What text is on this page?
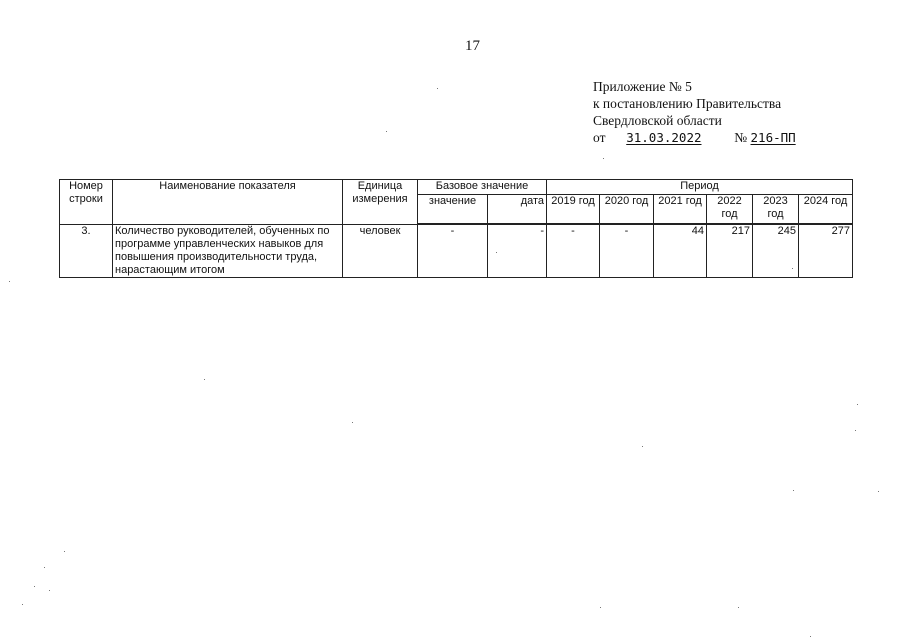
17
Приложение № 5
к постановлению Правительства
Свердловской области
от 31.03.2022 № 216-ПП
Номер строки	Наименование показателя	Единица измерения	Базовое значение		Период					
			значение	дата	2019 год	2020 год	2021 год	2022 год	2023 год	2024 год
3.	Количество руководителей, обученных по программе управленческих навыков для повышения производительности труда, нарастающим итогом	человек	-	-	-	-	44	217	245	277
